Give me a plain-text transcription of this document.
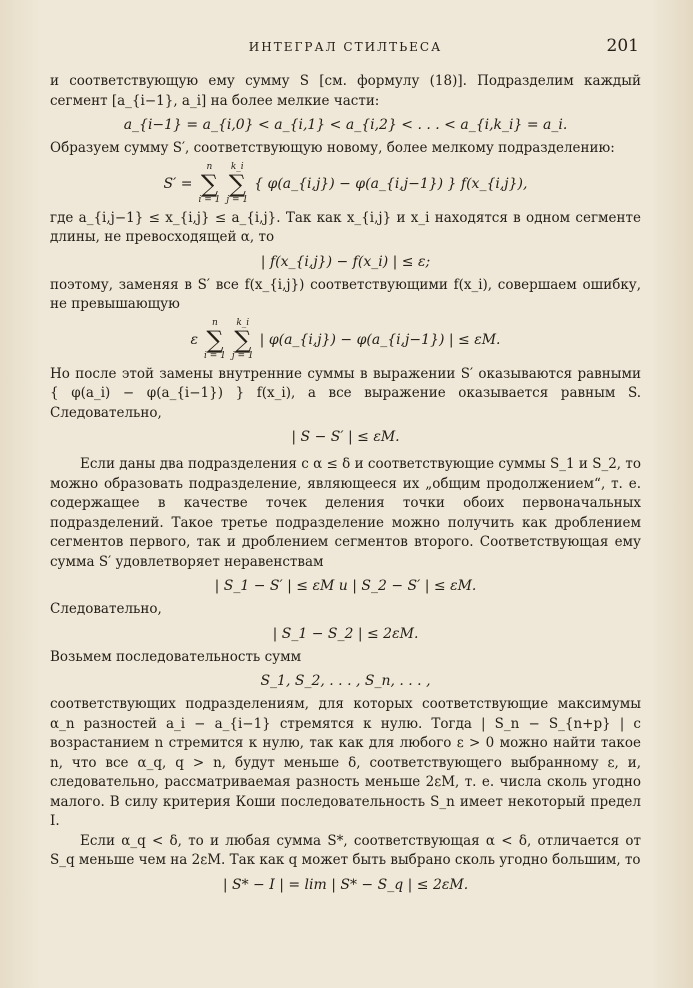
ИНТЕГРАЛ СТИЛТЬЕСА	201

и соответствующую ему сумму S [см. формулу (18)]. Подразделим каждый сегмент [a_{i−1}, a_i] на более мелкие части:

a_{i−1} = a_{i,0} < a_{i,1} < a_{i,2} < . . . < a_{i,k_i} = a_i.

Образуем сумму S′, соответствующую новому, более мелкому подразделению:

S′ =
n
∑
i = 1
k_i
∑
j = 1
{ φ(a_{i,j}) − φ(a_{i,j−1}) } f(x_{i,j}),

где a_{i,j−1} ≤ x_{i,j} ≤ a_{i,j}. Так как x_{i,j} и x_i находятся в одном сегменте длины, не превосходящей α, то

| f(x_{i,j}) − f(x_i) | ≤ ε;

поэтому, заменяя в S′ все f(x_{i,j}) соответствующими f(x_i), совершаем ошибку, не превышающую

ε
n
∑
i = 1
k_i
∑
j = 1
| φ(a_{i,j}) − φ(a_{i,j−1}) | ≤ εM.

Но после этой замены внутренние суммы в выражении S′ оказываются равными { φ(a_i) − φ(a_{i−1}) } f(x_i), а все выражение оказывается равным S. Следовательно,

| S − S′ | ≤ εM.

Если даны два подразделения с α ≤ δ и соответствующие суммы S_1 и S_2, то можно образовать подразделение, являющееся их „общим продолжением“, т. е. содержащее в качестве точек деления точки обоих первоначальных подразделений. Такое третье подразделение можно получить как дроблением сегментов первого, так и дроблением сегментов второго. Соответствующая ему сумма S′ удовлетворяет неравенствам

| S_1 − S′ | ≤ εM и | S_2 − S′ | ≤ εM.

Следовательно,

| S_1 − S_2 | ≤ 2εM.

Возьмем последовательность сумм

S_1, S_2, . . . , S_n, . . . ,

соответствующих подразделениям, для которых соответствующие максимумы α_n разностей a_i − a_{i−1} стремятся к нулю. Тогда | S_n − S_{n+p} | с возрастанием n стремится к нулю, так как для любого ε > 0 можно найти такое n, что все α_q, q > n, будут меньше δ, соответствующего выбранному ε, и, следовательно, рассматриваемая разность меньше 2εM, т. е. числа сколь угодно малого. В силу критерия Коши последовательность S_n имеет некоторый предел I.

Если α_q < δ, то и любая сумма S*, соответствующая α < δ, отличается от S_q меньше чем на 2εM. Так как q может быть выбрано сколь угодно большим, то

| S* − I | = lim | S* − S_q | ≤ 2εM.
